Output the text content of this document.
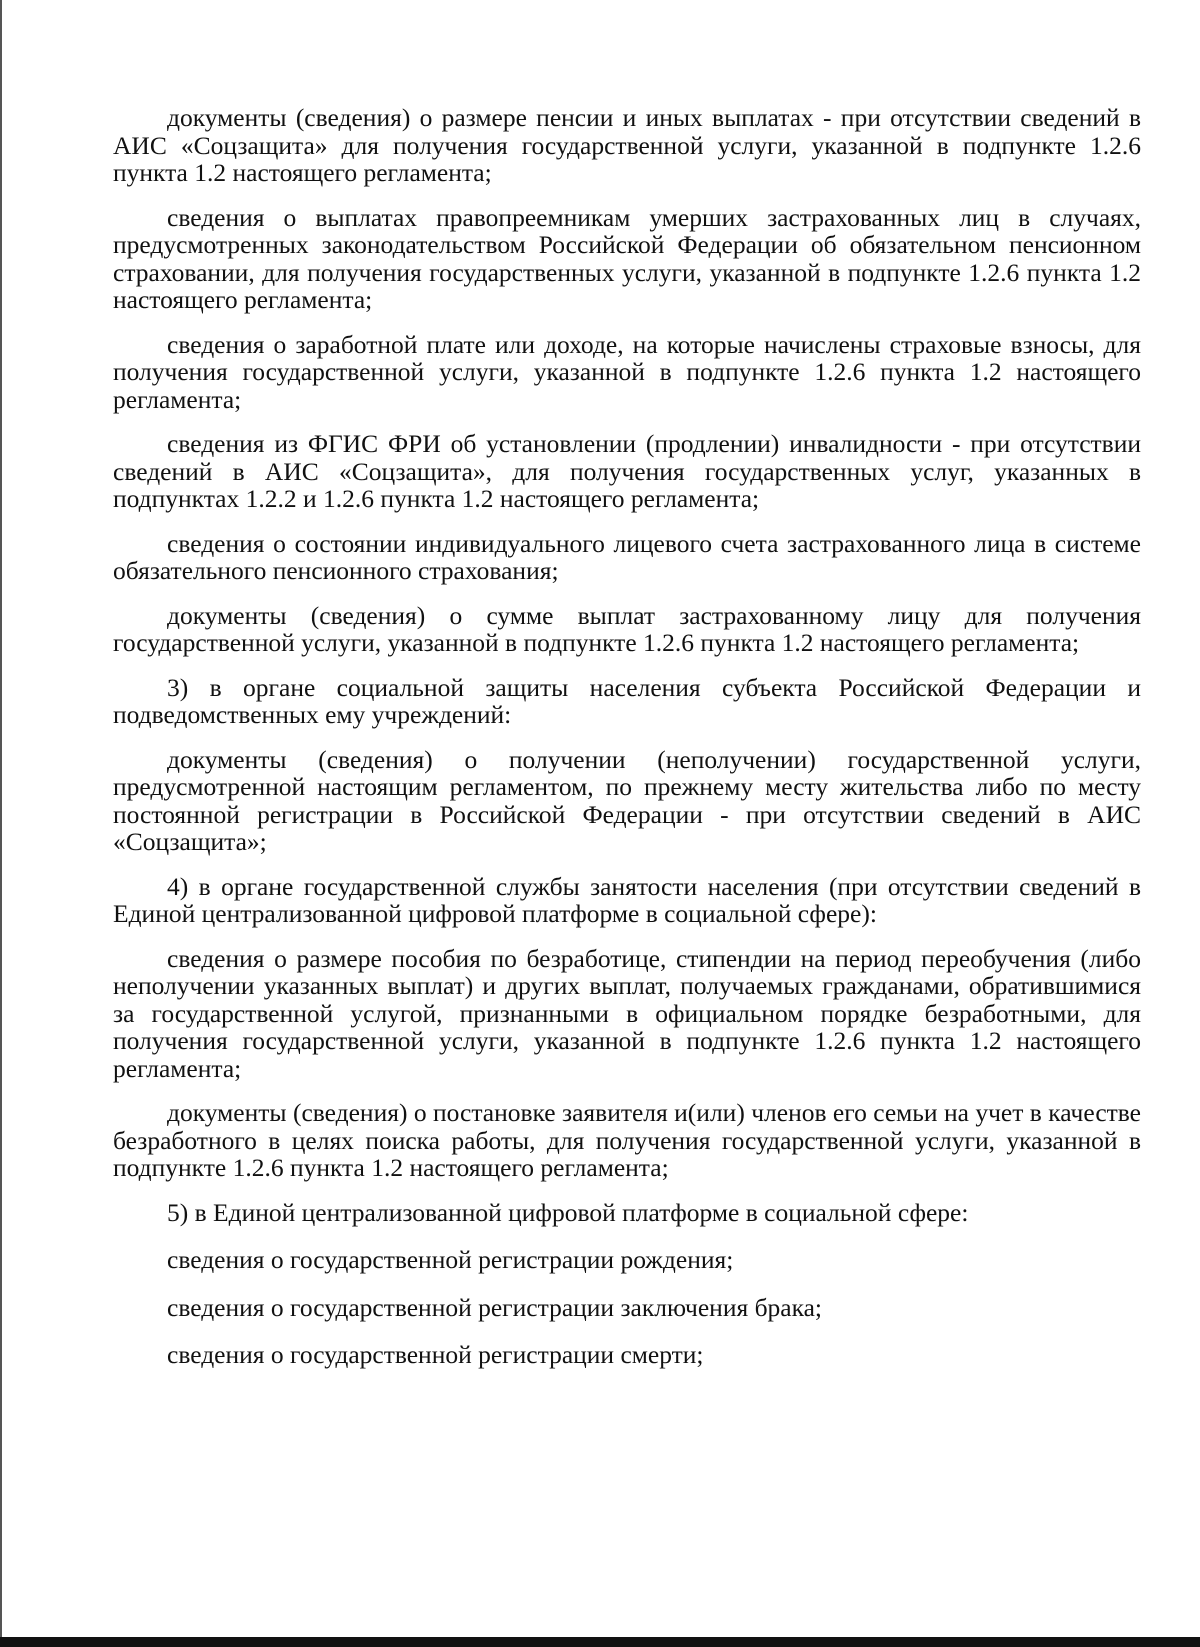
документы (сведения) о размере пенсии и иных выплатах - при отсутствии сведений в АИС «Соцзащита» для получения государственной услуги, указанной в подпункте 1.2.6 пункта 1.2 настоящего регламента;

сведения о выплатах правопреемникам умерших застрахованных лиц в случаях, предусмотренных законодательством Российской Федерации об обязательном пенсионном страховании, для получения государственных услуги, указанной в подпункте 1.2.6 пункта 1.2 настоящего регламента;

сведения о заработной плате или доходе, на которые начислены страховые взносы, для получения государственной услуги, указанной в подпункте 1.2.6 пункта 1.2 настоящего регламента;

сведения из ФГИС ФРИ об установлении (продлении) инвалидности - при отсутствии сведений в АИС «Соцзащита», для получения государственных услуг, указанных в подпунктах 1.2.2 и 1.2.6 пункта 1.2 настоящего регламента;

сведения о состоянии индивидуального лицевого счета застрахованного лица в системе обязательного пенсионного страхования;

документы (сведения) о сумме выплат застрахованному лицу для получения государственной услуги, указанной в подпункте 1.2.6 пункта 1.2 настоящего регламента;

3) в органе социальной защиты населения субъекта Российской Федерации и подведомственных ему учреждений:

документы (сведения) о получении (неполучении) государственной услуги, предусмотренной настоящим регламентом, по прежнему месту жительства либо по месту постоянной регистрации в Российской Федерации - при отсутствии сведений в АИС «Соцзащита»;

4) в органе государственной службы занятости населения (при отсутствии сведений в Единой централизованной цифровой платформе в социальной сфере):

сведения о размере пособия по безработице, стипендии на период переобучения (либо неполучении указанных выплат) и других выплат, получаемых гражданами, обратившимися за государственной услугой, признанными в официальном порядке безработными, для получения государственной услуги, указанной в подпункте 1.2.6 пункта 1.2 настоящего регламента;

документы (сведения) о постановке заявителя и(или) членов его семьи на учет в качестве безработного в целях поиска работы, для получения государственной услуги, указанной в подпункте 1.2.6 пункта 1.2 настоящего регламента;

5) в Единой централизованной цифровой платформе в социальной сфере:

сведения о государственной регистрации рождения;

сведения о государственной регистрации заключения брака;

сведения о государственной регистрации смерти;
